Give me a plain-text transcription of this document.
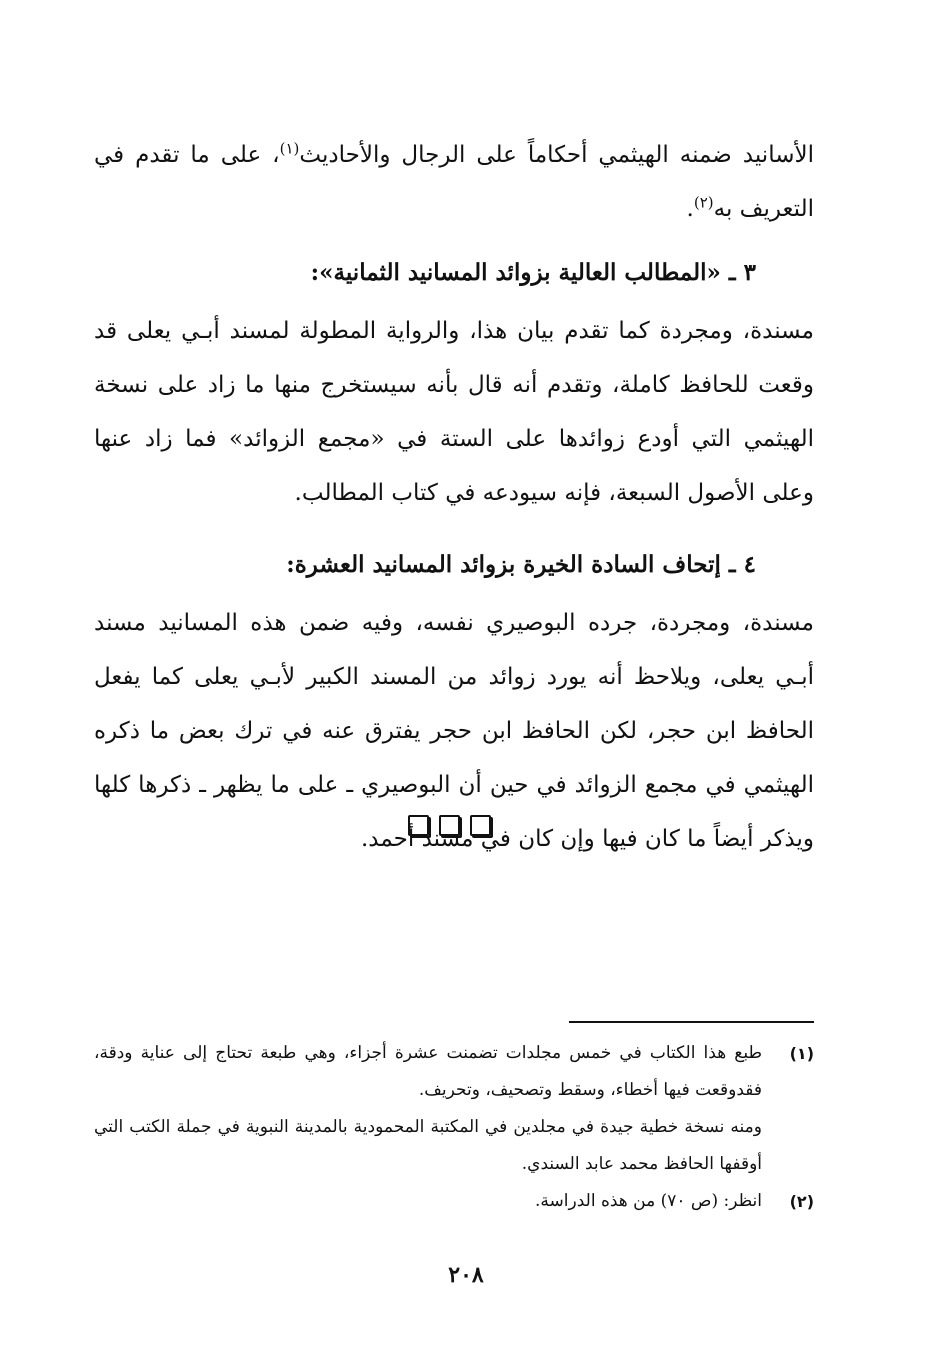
الأسانيد ضمنه الهيثمي أحكاماً على الرجال والأحاديث$^{(١)}$، على ما تقدم في التعريف به$^{(٢)}$.

٣ ـ «المطالب العالية بزوائد المسانيد الثمانية»:

مسندة، ومجردة كما تقدم بيان هذا، والرواية المطولة لمسند أبـي يعلى قد وقعت للحافظ كاملة، وتقدم أنه قال بأنه سيستخرج منها ما زاد على نسخة الهيثمي التي أودع زوائدها على الستة في «مجمع الزوائد» فما زاد عنها وعلى الأصول السبعة، فإنه سيودعه في كتاب المطالب.

٤ ـ إتحاف السادة الخيرة بزوائد المسانيد العشرة:

مسندة، ومجردة، جرده البوصيري نفسه، وفيه ضمن هذه المسانيد مسند أبـي يعلى، ويلاحظ أنه يورد زوائد من المسند الكبير لأبـي يعلى كما يفعل الحافظ ابن حجر، لكن الحافظ ابن حجر يفترق عنه في ترك بعض ما ذكره الهيثمي في مجمع الزوائد في حين أن البوصيري ـ على ما يظهر ـ ذكرها كلها ويذكر أيضاً ما كان فيها وإن كان في مسند أحمد.

(١)

طبع هذا الكتاب في خمس مجلدات تضمنت عشرة أجزاء، وهي طبعة تحتاج إلى عناية ودقة، فقدوقعت فيها أخطاء، وسقط وتصحيف، وتحريف.

ومنه نسخة خطية جيدة في مجلدين في المكتبة المحمودية بالمدينة النبوية في جملة الكتب التي أوقفها الحافظ محمد عابد السندي.

(٢)

انظر: (ص ٧٠) من هذه الدراسة.

٢٠٨
